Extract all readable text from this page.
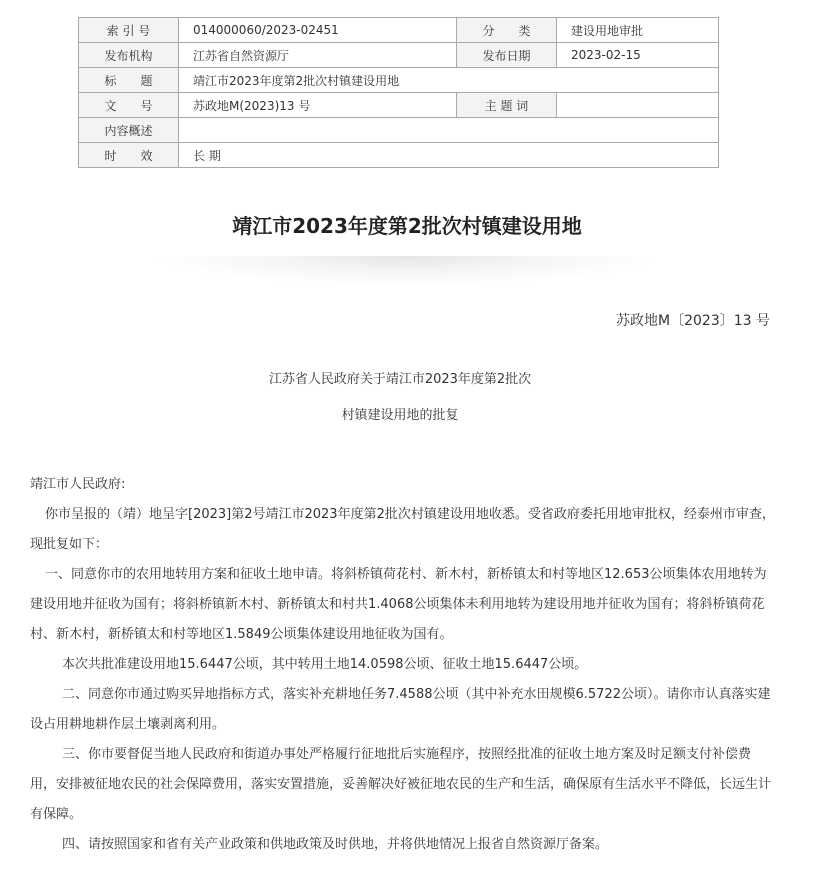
索 引 号	014000060/2023-02451	分　　类	建设用地审批
发布机构	江苏省自然资源厅	发布日期	2023-02-15
标　　题	靖江市2023年度第2批次村镇建设用地		
文　　号	苏政地M(2023)13 号	主 题 词	
内容概述			
时　　效	长 期		
靖江市2023年度第2批次村镇建设用地
苏政地M〔2023〕13 号
江苏省人民政府关于靖江市2023年度第2批次
村镇建设用地的批复

靖江市人民政府:

你市呈报的（靖）地呈字[2023]第2号靖江市2023年度第2批次村镇建设用地收悉。受省政府委托用地审批权，经泰州市审查，现批复如下：

一、同意你市的农用地转用方案和征收土地申请。将斜桥镇荷花村、新木村，新桥镇太和村等地区12.653公顷集体农用地转为建设用地并征收为国有；将斜桥镇新木村、新桥镇太和村共1.4068公顷集体未利用地转为建设用地并征收为国有；将斜桥镇荷花村、新木村，新桥镇太和村等地区1.5849公顷集体建设用地征收为国有。

本次共批准建设用地15.6447公顷，其中转用土地14.0598公顷、征收土地15.6447公顷。

二、同意你市通过购买异地指标方式，落实补充耕地任务7.4588公顷（其中补充水田规模6.5722公顷）。请你市认真落实建设占用耕地耕作层土壤剥离利用。

三、你市要督促当地人民政府和街道办事处严格履行征地批后实施程序，按照经批准的征收土地方案及时足额支付补偿费用，安排被征地农民的社会保障费用，落实安置措施，妥善解决好被征地农民的生产和生活，确保原有生活水平不降低，长远生计有保障。

四、请按照国家和省有关产业政策和供地政策及时供地，并将供地情况上报省自然资源厅备案。
